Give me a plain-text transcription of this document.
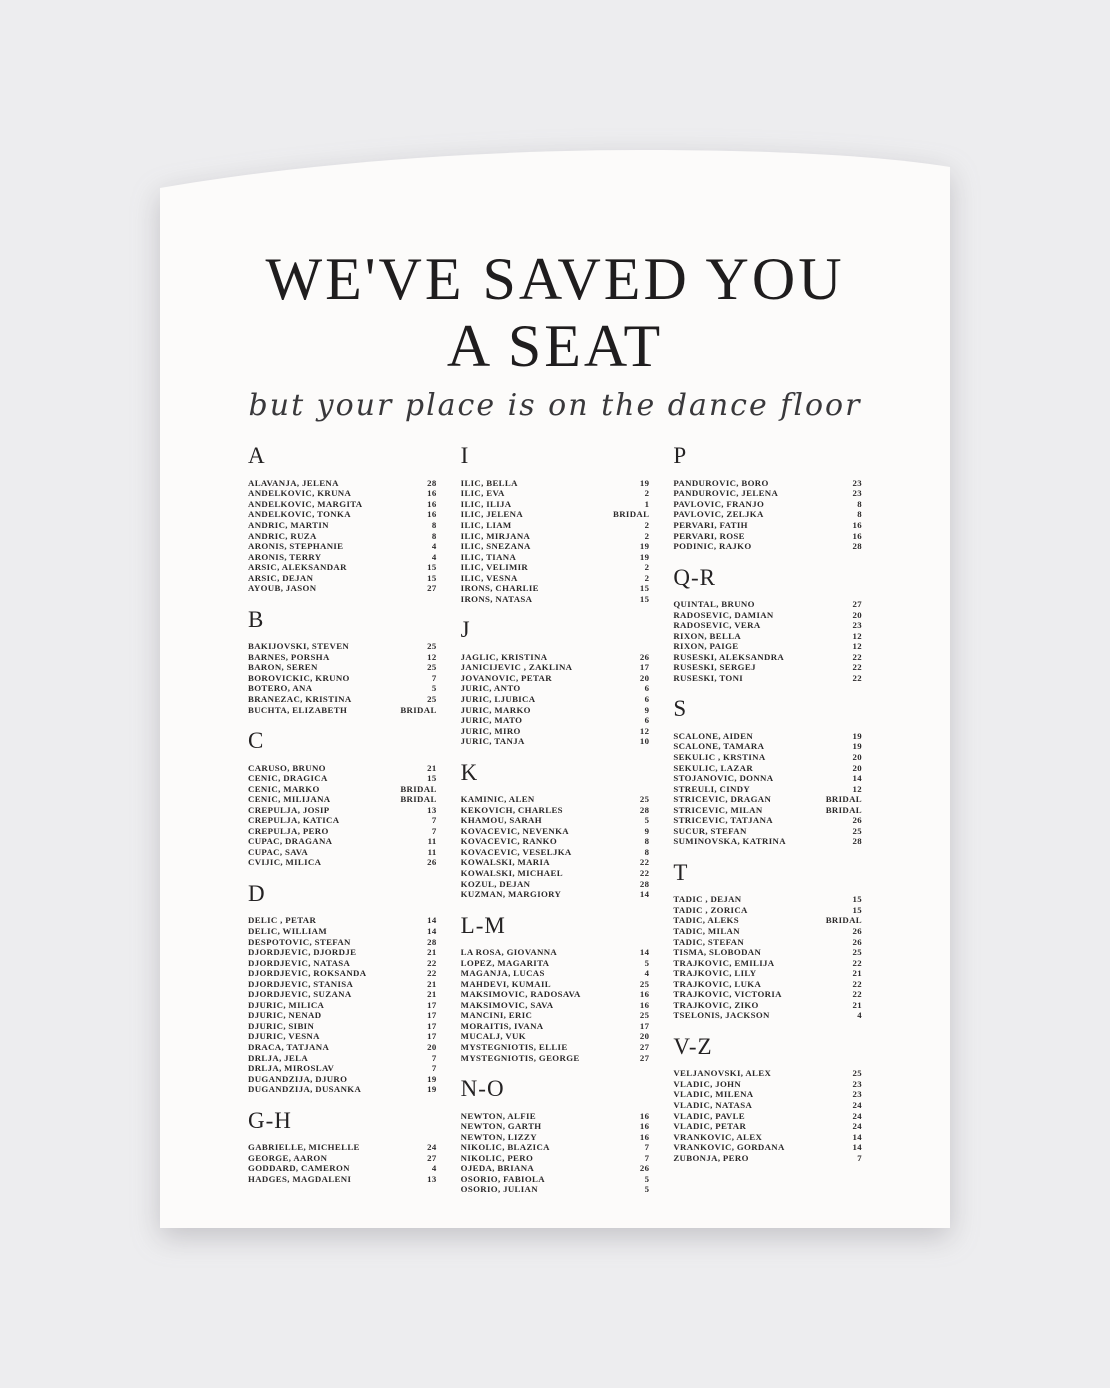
WE'VE SAVED YOU
A SEAT
but your place is on the dance floor
A
ALAVANJA, JELENA	28
ANDELKOVIC, KRUNA	16
ANDELKOVIC, MARGITA	16
ANDELKOVIC, TONKA	16
ANDRIC, MARTIN	8
ANDRIC, RUZA	8
ARONIS, STEPHANIE	4
ARONIS, TERRY	4
ARSIC, ALEKSANDAR	15
ARSIC, DEJAN	15
AYOUB, JASON	27
B
BAKIJOVSKI, STEVEN	25
BARNES, PORSHA	12
BARON, SEREN	25
BOROVICKIC, KRUNO	7
BOTERO, ANA	5
BRANEZAC, KRISTINA	25
BUCHTA, ELIZABETH	BRIDAL
C
CARUSO, BRUNO	21
CENIC, DRAGICA	15
CENIC, MARKO	BRIDAL
CENIC, MILIJANA	BRIDAL
CREPULJA, JOSIP	13
CREPULJA, KATICA	7
CREPULJA, PERO	7
CUPAC, DRAGANA	11
CUPAC, SAVA	11
CVIJIC, MILICA	26
D
DELIC , PETAR	14
DELIC, WILLIAM	14
DESPOTOVIC, STEFAN	28
DJORDJEVIC, DJORDJE	21
DJORDJEVIC, NATASA	22
DJORDJEVIC, ROKSANDA	22
DJORDJEVIC, STANISA	21
DJORDJEVIC, SUZANA	21
DJURIC, MILICA	17
DJURIC, NENAD	17
DJURIC, SIBIN	17
DJURIC, VESNA	17
DRACA, TATJANA	20
DRLJA, JELA	7
DRLJA, MIROSLAV	7
DUGANDZIJA, DJURO	19
DUGANDZIJA, DUSANKA	19
G-H
GABRIELLE, MICHELLE	24
GEORGE, AARON	27
GODDARD, CAMERON	4
HADGES, MAGDALENI	13
I
ILIC, BELLA	19
ILIC, EVA	2
ILIC, ILIJA	1
ILIC, JELENA	BRIDAL
ILIC, LIAM	2
ILIC, MIRJANA	2
ILIC, SNEZANA	19
ILIC, TIANA	19
ILIC, VELIMIR	2
ILIC, VESNA	2
IRONS, CHARLIE	15
IRONS, NATASA	15
J
JAGLIC, KRISTINA	26
JANICIJEVIC , ZAKLINA	17
JOVANOVIC, PETAR	20
JURIC, ANTO	6
JURIC, LJUBICA	6
JURIC, MARKO	9
JURIC, MATO	6
JURIC, MIRO	12
JURIC, TANJA	10
K
KAMINIC, ALEN	25
KEKOVICH, CHARLES	28
KHAMOU, SARAH	5
KOVACEVIC, NEVENKA	9
KOVACEVIC, RANKO	8
KOVACEVIC, VESELJKA	8
KOWALSKI, MARIA	22
KOWALSKI, MICHAEL	22
KOZUL, DEJAN	28
KUZMAN, MARGIORY	14
L-M
LA ROSA, GIOVANNA	14
LOPEZ, MAGARITA	5
MAGANJA, LUCAS	4
MAHDEVI, KUMAIL	25
MAKSIMOVIC, RADOSAVA	16
MAKSIMOVIC, SAVA	16
MANCINI, ERIC	25
MORAITIS, IVANA	17
MUCALJ, VUK	20
MYSTEGNIOTIS, ELLIE	27
MYSTEGNIOTIS, GEORGE	27
N-O
NEWTON, ALFIE	16
NEWTON, GARTH	16
NEWTON, LIZZY	16
NIKOLIC, BLAZICA	7
NIKOLIC, PERO	7
OJEDA, BRIANA	26
OSORIO, FABIOLA	5
OSORIO, JULIAN	5
P
PANDUROVIC, BORO	23
PANDUROVIC, JELENA	23
PAVLOVIC, FRANJO	8
PAVLOVIC, ZELJKA	8
PERVARI, FATIH	16
PERVARI, ROSE	16
PODINIC, RAJKO	28
Q-R
QUINTAL, BRUNO	27
RADOSEVIC, DAMIAN	20
RADOSEVIC, VERA	23
RIXON, BELLA	12
RIXON, PAIGE	12
RUSESKI, ALEKSANDRA	22
RUSESKI, SERGEJ	22
RUSESKI, TONI	22
S
SCALONE, AIDEN	19
SCALONE, TAMARA	19
SEKULIC , KRSTINA	20
SEKULIC, LAZAR	20
STOJANOVIC, DONNA	14
STREULI, CINDY	12
STRICEVIC, DRAGAN	BRIDAL
STRICEVIC, MILAN	BRIDAL
STRICEVIC, TATJANA	26
SUCUR, STEFAN	25
SUMINOVSKA, KATRINA	28
T
TADIC , DEJAN	15
TADIC , ZORICA	15
TADIC, ALEKS	BRIDAL
TADIC, MILAN	26
TADIC, STEFAN	26
TISMA, SLOBODAN	25
TRAJKOVIC, EMILIJA	22
TRAJKOVIC, LILY	21
TRAJKOVIC, LUKA	22
TRAJKOVIC, VICTORIA	22
TRAJKOVIC, ZIKO	21
TSELONIS, JACKSON	4
V-Z
VELJANOVSKI, ALEX	25
VLADIC, JOHN	23
VLADIC, MILENA	23
VLADIC, NATASA	24
VLADIC, PAVLE	24
VLADIC, PETAR	24
VRANKOVIC, ALEX	14
VRANKOVIC, GORDANA	14
ZUBONJA, PERO	7
